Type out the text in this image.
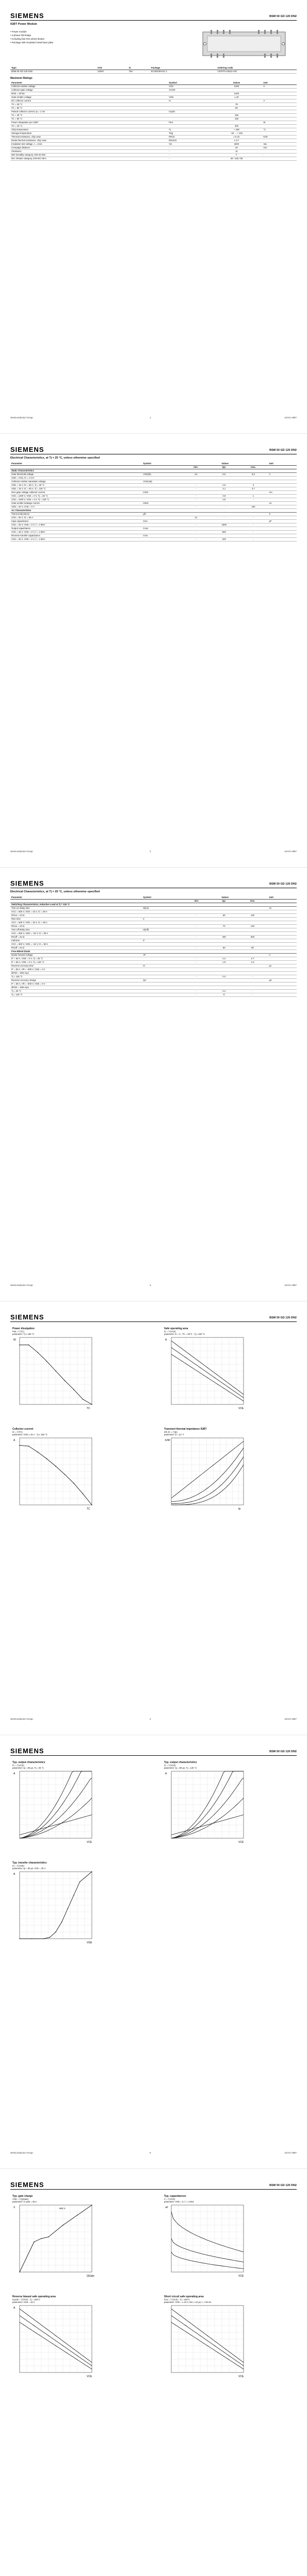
SIEMENS	BSM 50 GD 120 DN2
IGBT Power Module
• Power module
• 3-phase full-bridge
• Including fast free-wheel diodes
• Package with insulated metal base plate
Type	VCE	IC	Package	Ordering Code
BSM 50 GD 120 DN2	1200V	78A	ECONOPACK 2	C67070-A2513-A67
Maximum Ratings
Parameter	Symbol	Values	Unit
Collector-emitter voltage	VCE	1200	V
Collector-gate voltage	VCGR		
RGE = 20 kΩ		1200	
Gate-emitter voltage	VGE	± 20	
DC collector current	IC		A
TC = 25 °C		78	
TC = 80 °C		50	
Pulsed collector current, tp = 1 ms	ICpuls		
TC = 25 °C		156	
TC = 80 °C		100	
Power dissipation per IGBT	Ptot		W
TC = 25 °C		400	
Chip temperature	Tj	+ 150	°C
Storage temperature	Tstg	-40 ... + 125	
Thermal resistance, chip case	RthJC	≤ 0.31	K/W
Diode thermal resistance, chip case	RthJCD	≤ 0.7	
Insulation test voltage, t = 1min.	Vis	2500	Vac
Creepage distance	-	20	mm
Clearance	-	11	
DIN humidity category, DIN 40 040	-	F	-
IEC climatic category, DIN IEC 68-1	-	40 / 125 / 56	
Semiconductor Group	1	Jul-01-1997
SIEMENS	BSM 50 GD 120 DN2
Electrical Characteristics, at Tj = 25 °C, unless otherwise specified
Parameter	Symbol	Values			Unit
		min.	typ.	max.	
Static Characteristics					
Gate threshold voltage	VGE(th)	4.5	5.5	6.5	V
VGE = VCE, IC = 2 mA					
Collector-emitter saturation voltage	VCE(sat)				
VGE = 15 V, IC = 50 A, Tj = 25 °C		-	2.5	3	
VGE = 15 V, IC = 50 A, Tj = 125 °C		-	3.1	3.7	
Zero gate voltage collector current	ICES				mA
VCE = 1200 V, VGE = 0 V, Tj = 25 °C		-	0.8	1	
VCE = 1200 V, VGE = 0 V, Tj = 125 °C		-	2.5	-	
Gate-emitter leakage current	IGES				nA
VGE = 20 V, VCE = 0 V		-	-	150	
AC Characteristics					
Transconductance	gfs				S
VCE = 20 V, IC = 50 A		12	-	-	
Input capacitance	Ciss				pF
VCE = 25 V, VGE = 0 V, f = 1 MHz		-	3300	-	
Output capacitance	Coss				
VCE = 25 V, VGE = 0 V, f = 1 MHz		-	500	-	
Reverse transfer capacitance	Crss				
VCE = 25 V, VGE = 0 V, f = 1 MHz		-	220	-	
Semiconductor Group	2	Jul-01-1997
SIEMENS	BSM 50 GD 120 DN2
Electrical Characteristics, at Tj = 25 °C, unless otherwise specified
Parameter	Symbol	Values			Unit
		min.	typ.	max.	
Switching Characteristics, Inductive Load at Tj = 125 °C					
Turn-on delay time	td(on)				ns
VCC = 600 V, VGE = 15 V, IC = 50 A					
RGon = 22 Ω		-	60	120	
Rise time	tr				
VCC = 600 V, VGE = 15 V, IC = 50 A					
RGon = 22 Ω		-	70	140	
Turn-off delay time	td(off)				
VCC = 600 V, VGE = -15 V, IC = 50 A					
RGoff = 22 Ω		-	400	600	
Fall time	tf				
VCC = 600 V, VGE = -15 V, IC = 50 A					
RGoff = 22 Ω		-	50	80	
Free-Wheel Diode					
Diode forward voltage	VF				V
IF = 50 A, VGE = 0 V, Tj = 25 °C		-	2.2	2.7	
IF = 50 A, VGE = 0 V, Tj = 125 °C		-	1.8	2.3	
Reverse recovery time	trr				µs
IF = 50 A, VR = -600 V, VGE = 0 V					
diF/dt = -800 A/µs					
Tj = 125 °C		-	0.3	-	
Reverse recovery charge	Qrr				µC
IF = 50 A, VR = -600 V, VGE = 0 V					
diF/dt = -800 A/µs					
Tj = 25 °C		-	3.2	-	
Tj = 125 °C		-	8	-	
Semiconductor Group	3	Jul-01-1997
SIEMENS	BSM 50 GD 120 DN2
Semiconductor Group	4	Jul-01-1997
Power dissipation
Ptot = f (TC)
parameter: Tj ≤ 150 °C
W
TC
Safe operating area
IC = f (VCE)
parameter: D = 0 , TC = 25°C , Tj ≤ 150 °C
A
VCE
Collector current
IC = f (TC)
parameter: VGE ≥ 15 V , Tj ≤ 150 °C
A
TC
Transient thermal impedance IGBT
Zth JC = f (tp)
parameter: D = tp / T
K/W
tp
SIEMENS	BSM 50 GD 120 DN2
Semiconductor Group	5	Jul-01-1997
Typ. output characteristics
IC = f (VCE)
parameter: tp = 80 µs, Tj = 25 °C
A
VCE
Typ. output characteristics
IC = f (VCE)
parameter: tp = 80 µs, Tj = 125 °C
A
VCE
Typ. transfer characteristics
IC = f (VGE)
parameter: tp = 80 µs, VCE = 20 V
A
VGE
SIEMENS	BSM 50 GD 120 DN2
Typ. gate charge
VGE = f (QGate)
parameter: IC puls = 50 A
V
QGate
600 V
Typ. capacitances
C = f (VCE)
parameter: VGE = 0, f = 1 MHz
nF
VCE
Reverse biased safe operating area
ICpuls = f (VCE) , Tj = 150°C
parameter: VGE = 15 V
A
VCE
Short circuit safe operating area
ICsc = f (VCE) , Tj = 150°C
parameter: VGE = ± 15 V, tSC ≤ 10 µs, L < 50 nH
VCE
